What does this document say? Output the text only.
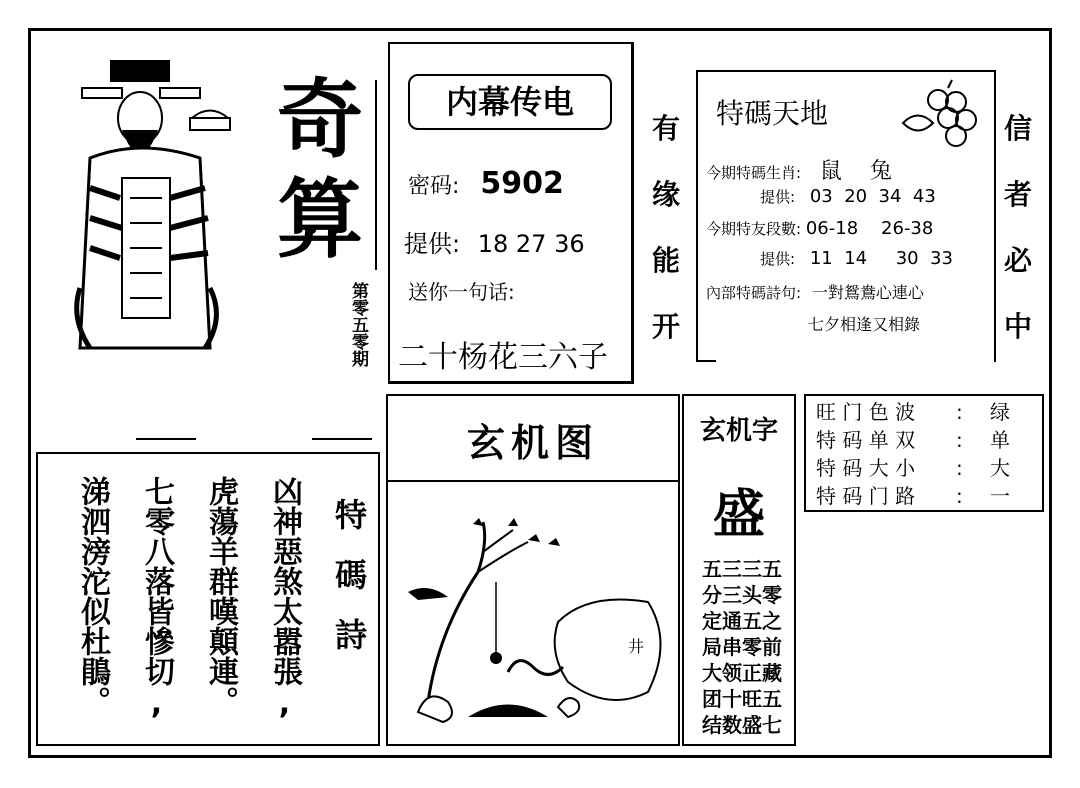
奇
算
第零五零期
内幕传电
密码: 5902
提供: 18 27 36
送你一句话:
二十杨花三六子
有
缘
能
开
特碼天地
今期特碼生肖: 鼠    兔
提供: 03  20  34  43
今期特友段數: 06-18    26-38
提供: 11  14     30  33
內部特碼詩句: 一對鴛鴦心連心
七夕相逢又相錄
信
者
必
中
旺 门 色 波 : 绿
特 码 单 双 : 单
特 码 大 小 : 大
特 码 门 路 : 一
玄机图
井
玄机字
盛
五三三五
分三头零
定通五之
局串零前
大领正藏
团十旺五
结数盛七
特碼詩
凶神惡煞太嚣張,
虎蕩羊群嘆顛連。
七零八落皆慘切,
涕泗滂沱似杜鵑。
